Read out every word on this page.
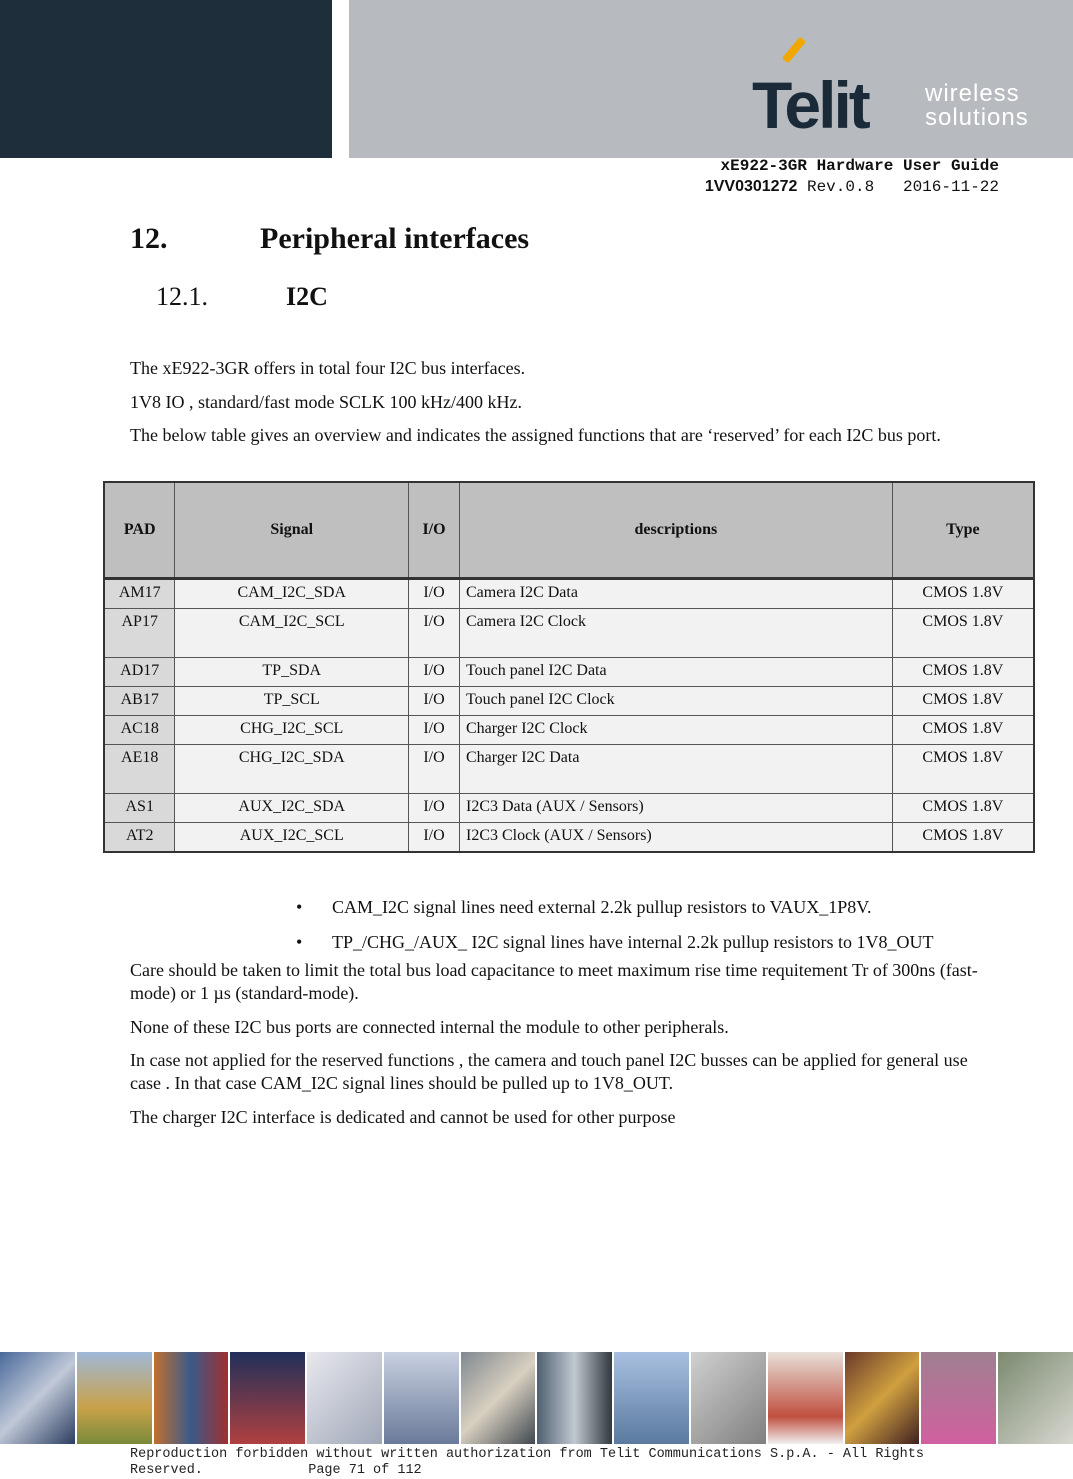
Telit wireless
solutions
xE922-3GR Hardware User Guide
1VV0301272 Rev.0.8   2016-11-22
12.	Peripheral interfaces
12.1.	I2C
The xE922-3GR offers in total four I2C bus interfaces.
1V8 IO , standard/fast mode SCLK 100 kHz/400 kHz.
The below table gives an overview and indicates the assigned functions that are ‘reserved’ for each I2C bus port.
PAD	Signal	I/O	descriptions	Type
AM17	CAM_I2C_SDA	I/O	Camera I2C Data	CMOS 1.8V
AP17	CAM_I2C_SCL	I/O	Camera I2C Clock	CMOS 1.8V
AD17	TP_SDA	I/O	Touch panel I2C Data	CMOS 1.8V
AB17	TP_SCL	I/O	Touch panel I2C Clock	CMOS 1.8V
AC18	CHG_I2C_SCL	I/O	Charger I2C Clock	CMOS 1.8V
AE18	CHG_I2C_SDA	I/O	Charger I2C Data	CMOS 1.8V
AS1	AUX_I2C_SDA	I/O	I2C3 Data (AUX / Sensors)	CMOS 1.8V
AT2	AUX_I2C_SCL	I/O	I2C3 Clock (AUX / Sensors)	CMOS 1.8V
•	CAM_I2C signal lines need external 2.2k pullup resistors to VAUX_1P8V.
•	TP_/CHG_/AUX_ I2C signal lines have internal 2.2k pullup resistors to 1V8_OUT
Care should be taken to limit the total bus load capacitance to meet maximum rise time requitement Tr of 300ns (fast-mode) or 1 µs (standard-mode).
None of these I2C bus ports are connected internal the module to other peripherals.
In case not applied for the reserved functions , the camera and touch panel I2C busses can be applied for general use case . In that case CAM_I2C signal lines should be pulled up to 1V8_OUT.
The charger I2C interface is dedicated and cannot be used for other purpose
Reproduction forbidden without written authorization from Telit Communications S.p.A. - All Rights
Reserved.             Page 71 of 112
